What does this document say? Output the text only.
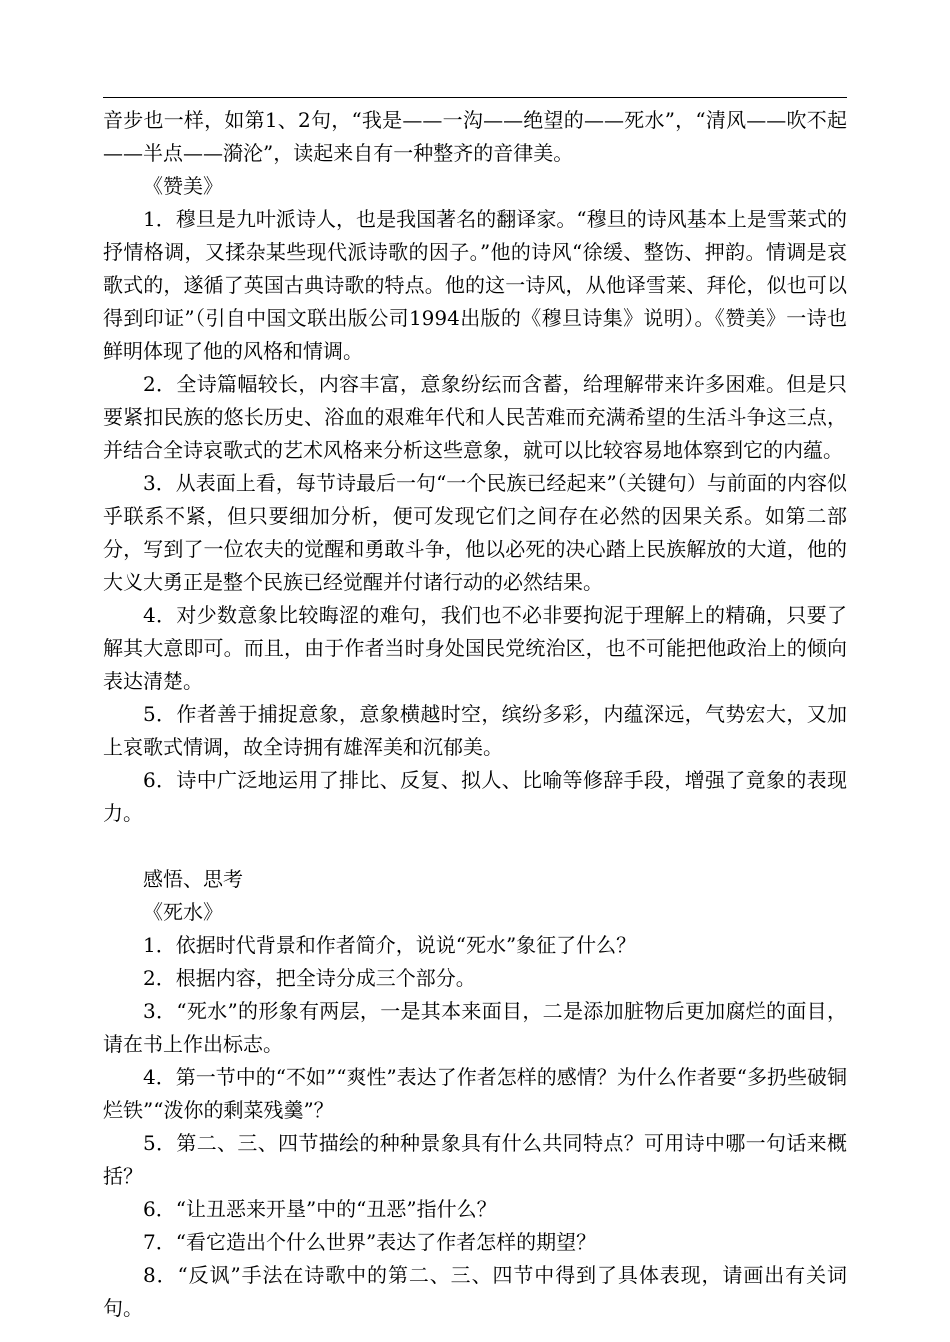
音步也一样，如第1、2句，“我是——一沟——绝望的——死水”，“清风——吹不起——半点——漪沦”，读起来自有一种整齐的音律美。

《赞美》

1．穆旦是九叶派诗人，也是我国著名的翻译家。“穆旦的诗风基本上是雪莱式的抒情格调，又揉杂某些现代派诗歌的因子。”他的诗风“徐缓、整饬、押韵。情调是哀歌式的，遂循了英国古典诗歌的特点。他的这一诗风，从他译雪莱、拜伦，似也可以得到印证”（引自中国文联出版公司1994出版的《穆旦诗集》说明）。《赞美》一诗也鲜明体现了他的风格和情调。

2．全诗篇幅较长，内容丰富，意象纷纭而含蓄，给理解带来许多困难。但是只要紧扣民族的悠长历史、浴血的艰难年代和人民苦难而充满希望的生活斗争这三点，并结合全诗哀歌式的艺术风格来分析这些意象，就可以比较容易地体察到它的内蕴。

3．从表面上看，每节诗最后一句“一个民族已经起来”（关键句）与前面的内容似乎联系不紧，但只要细加分析，便可发现它们之间存在必然的因果关系。如第二部分，写到了一位农夫的觉醒和勇敢斗争，他以必死的决心踏上民族解放的大道，他的大义大勇正是整个民族已经觉醒并付诸行动的必然结果。

4．对少数意象比较晦涩的难句，我们也不必非要拘泥于理解上的精确，只要了解其大意即可。而且，由于作者当时身处国民党统治区，也不可能把他政治上的倾向表达清楚。

5．作者善于捕捉意象，意象横越时空，缤纷多彩，内蕴深远，气势宏大，又加上哀歌式情调，故全诗拥有雄浑美和沉郁美。

6．诗中广泛地运用了排比、反复、拟人、比喻等修辞手段，增强了竟象的表现力。

感悟、思考

《死水》

1．依据时代背景和作者简介，说说“死水”象征了什么？

2．根据内容，把全诗分成三个部分。

3．“死水”的形象有两层，一是其本来面目，二是添加脏物后更加腐烂的面目，请在书上作出标志。

4．第一节中的“不如”“爽性”表达了作者怎样的感情？为什么作者要“多扔些破铜烂铁”“泼你的剩菜残羹”？

5．第二、三、四节描绘的种种景象具有什么共同特点？可用诗中哪一句话来概括？

6．“让丑恶来开垦”中的“丑恶”指什么？

7．“看它造出个什么世界”表达了作者怎样的期望？

8．“反讽”手法在诗歌中的第二、三、四节中得到了具体表现，请画出有关词句。
